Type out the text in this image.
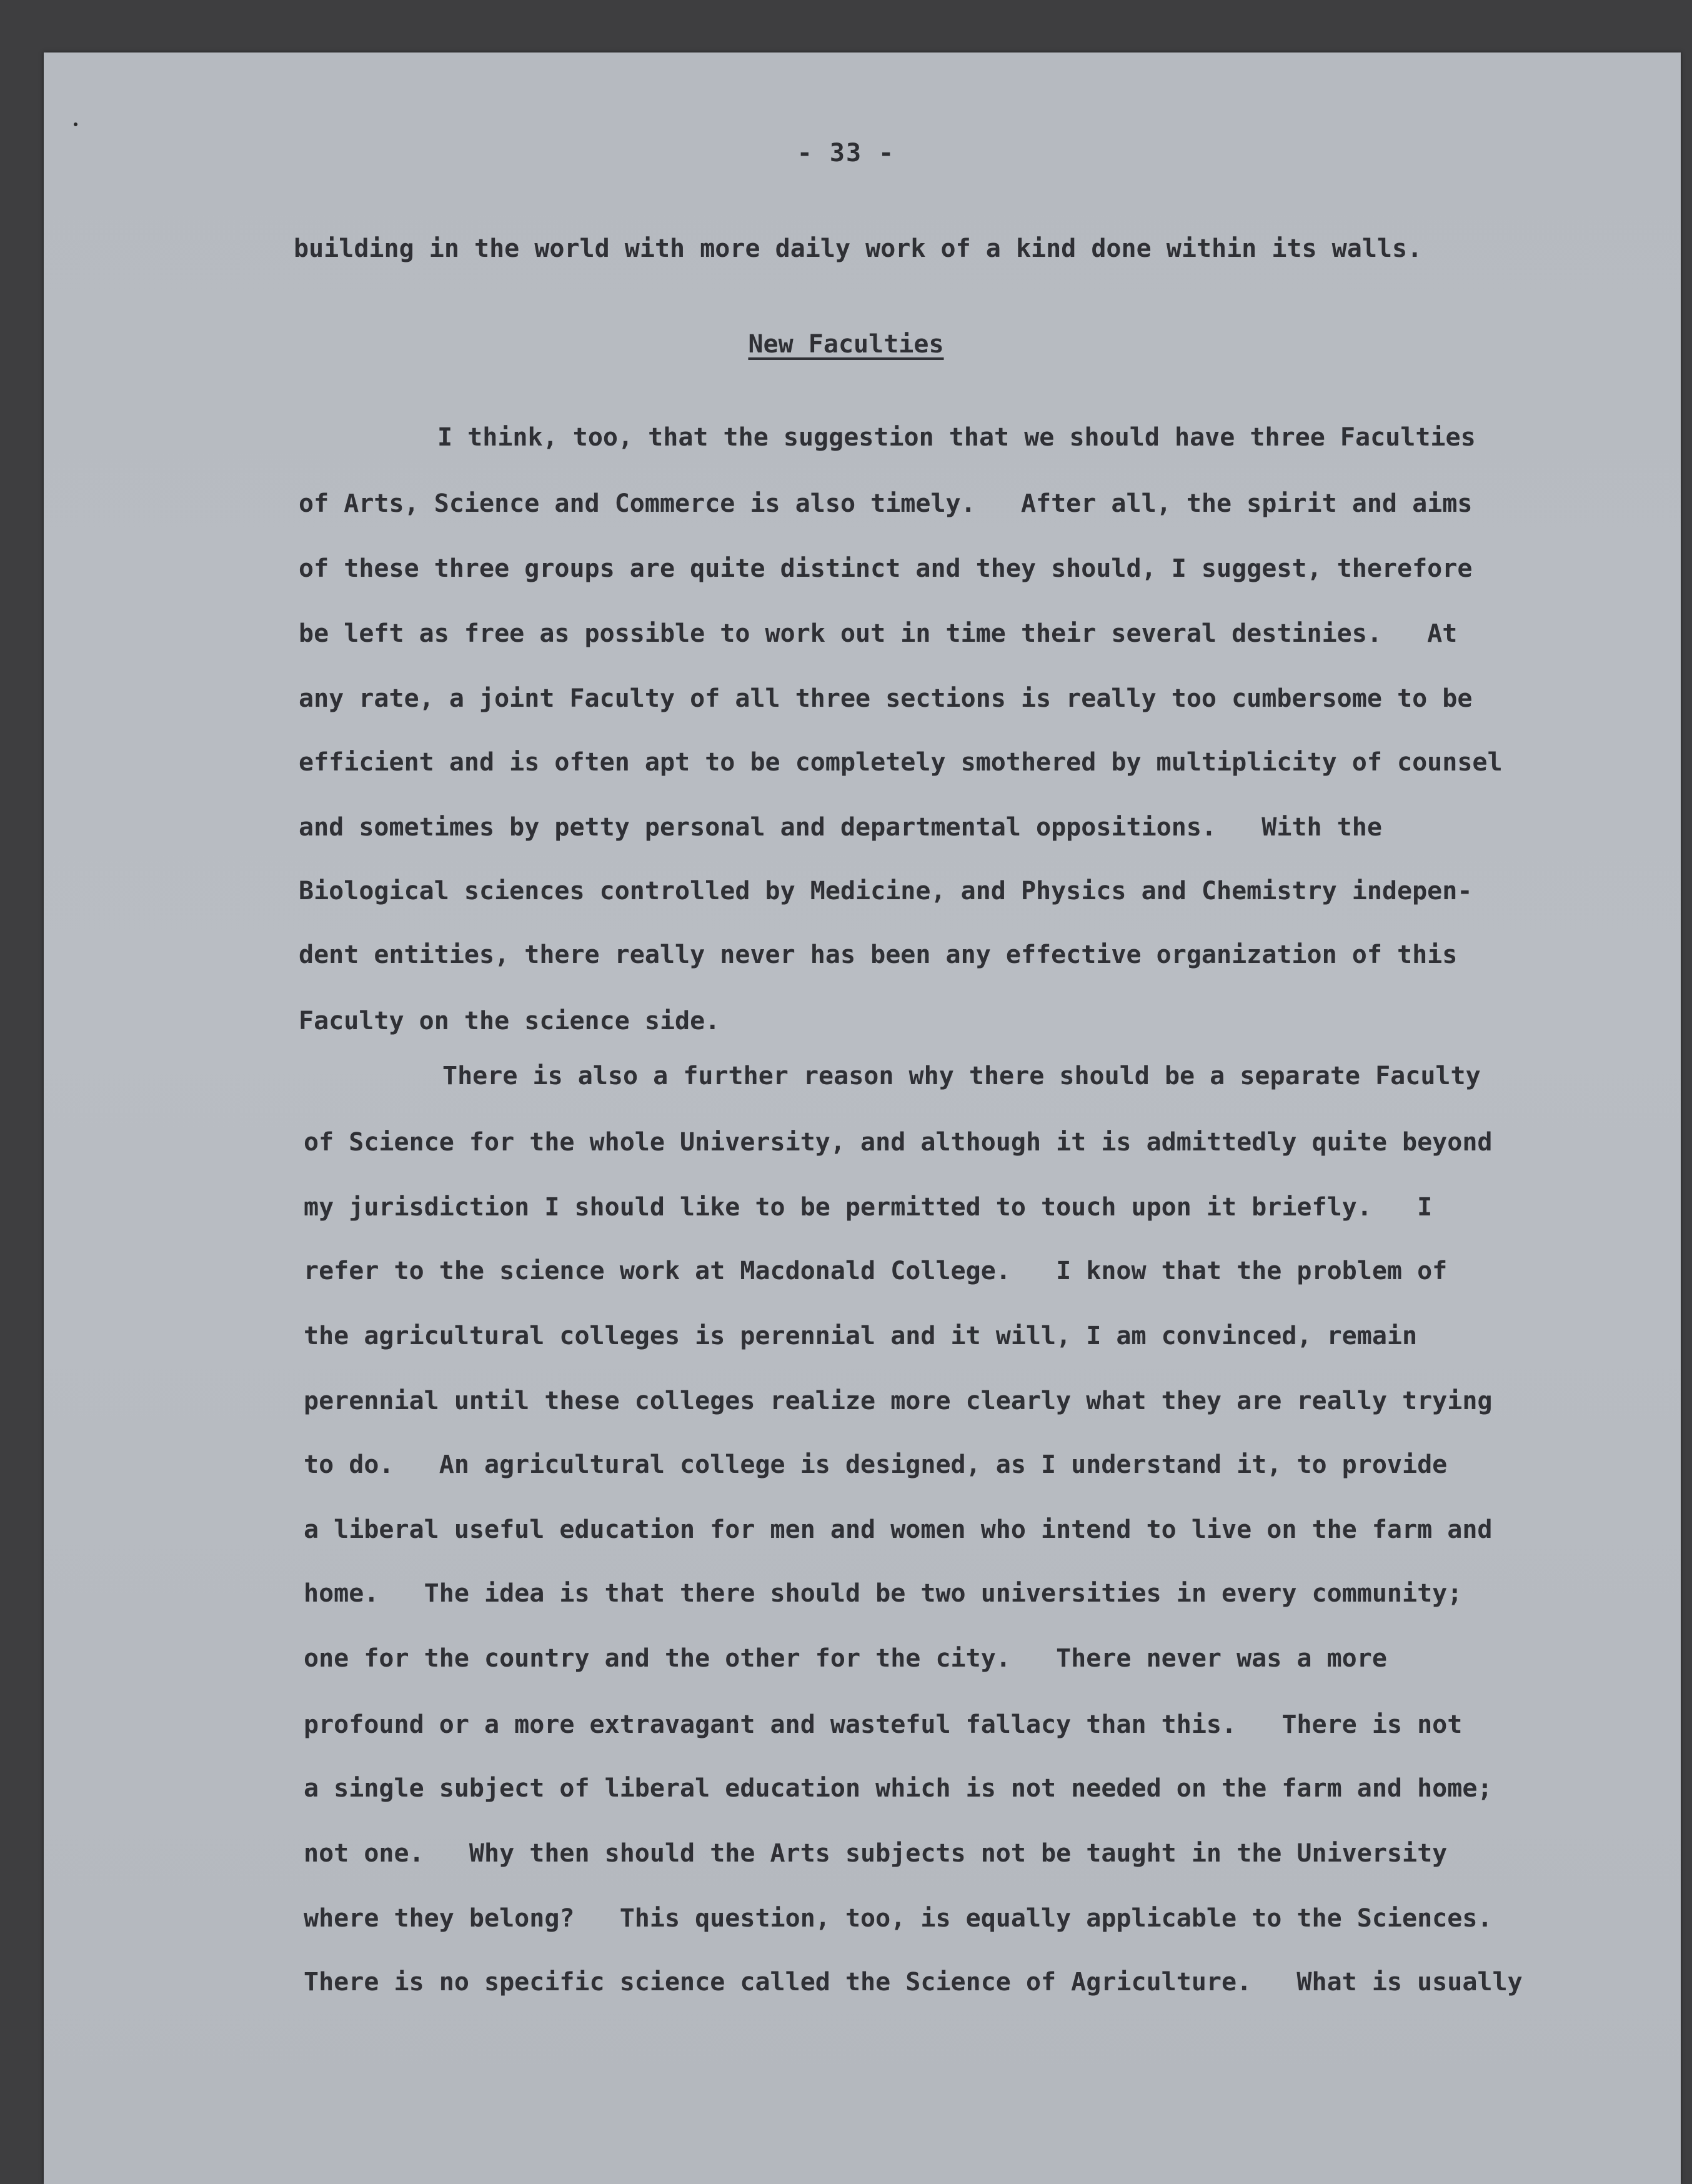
- 33 -
building in the world with more daily work of a kind done within its walls.
New Faculties
I think, too, that the suggestion that we should have three Faculties
of Arts, Science and Commerce is also timely.   After all, the spirit and aims
of these three groups are quite distinct and they should, I suggest, therefore
be left as free as possible to work out in time their several destinies.   At
any rate, a joint Faculty of all three sections is really too cumbersome to be
efficient and is often apt to be completely smothered by multiplicity of counsel
and sometimes by petty personal and departmental oppositions.   With the
Biological sciences controlled by Medicine, and Physics and Chemistry indepen-
dent entities, there really never has been any effective organization of this
Faculty on the science side.
There is also a further reason why there should be a separate Faculty
of Science for the whole University, and although it is admittedly quite beyond
my jurisdiction I should like to be permitted to touch upon it briefly.   I
refer to the science work at Macdonald College.   I know that the problem of
the agricultural colleges is perennial and it will, I am convinced, remain
perennial until these colleges realize more clearly what they are really trying
to do.   An agricultural college is designed, as I understand it, to provide
a liberal useful education for men and women who intend to live on the farm and
home.   The idea is that there should be two universities in every community;
one for the country and the other for the city.   There never was a more
profound or a more extravagant and wasteful fallacy than this.   There is not
a single subject of liberal education which is not needed on the farm and home;
not one.   Why then should the Arts subjects not be taught in the University
where they belong?   This question, too, is equally applicable to the Sciences.
There is no specific science called the Science of Agriculture.   What is usually
